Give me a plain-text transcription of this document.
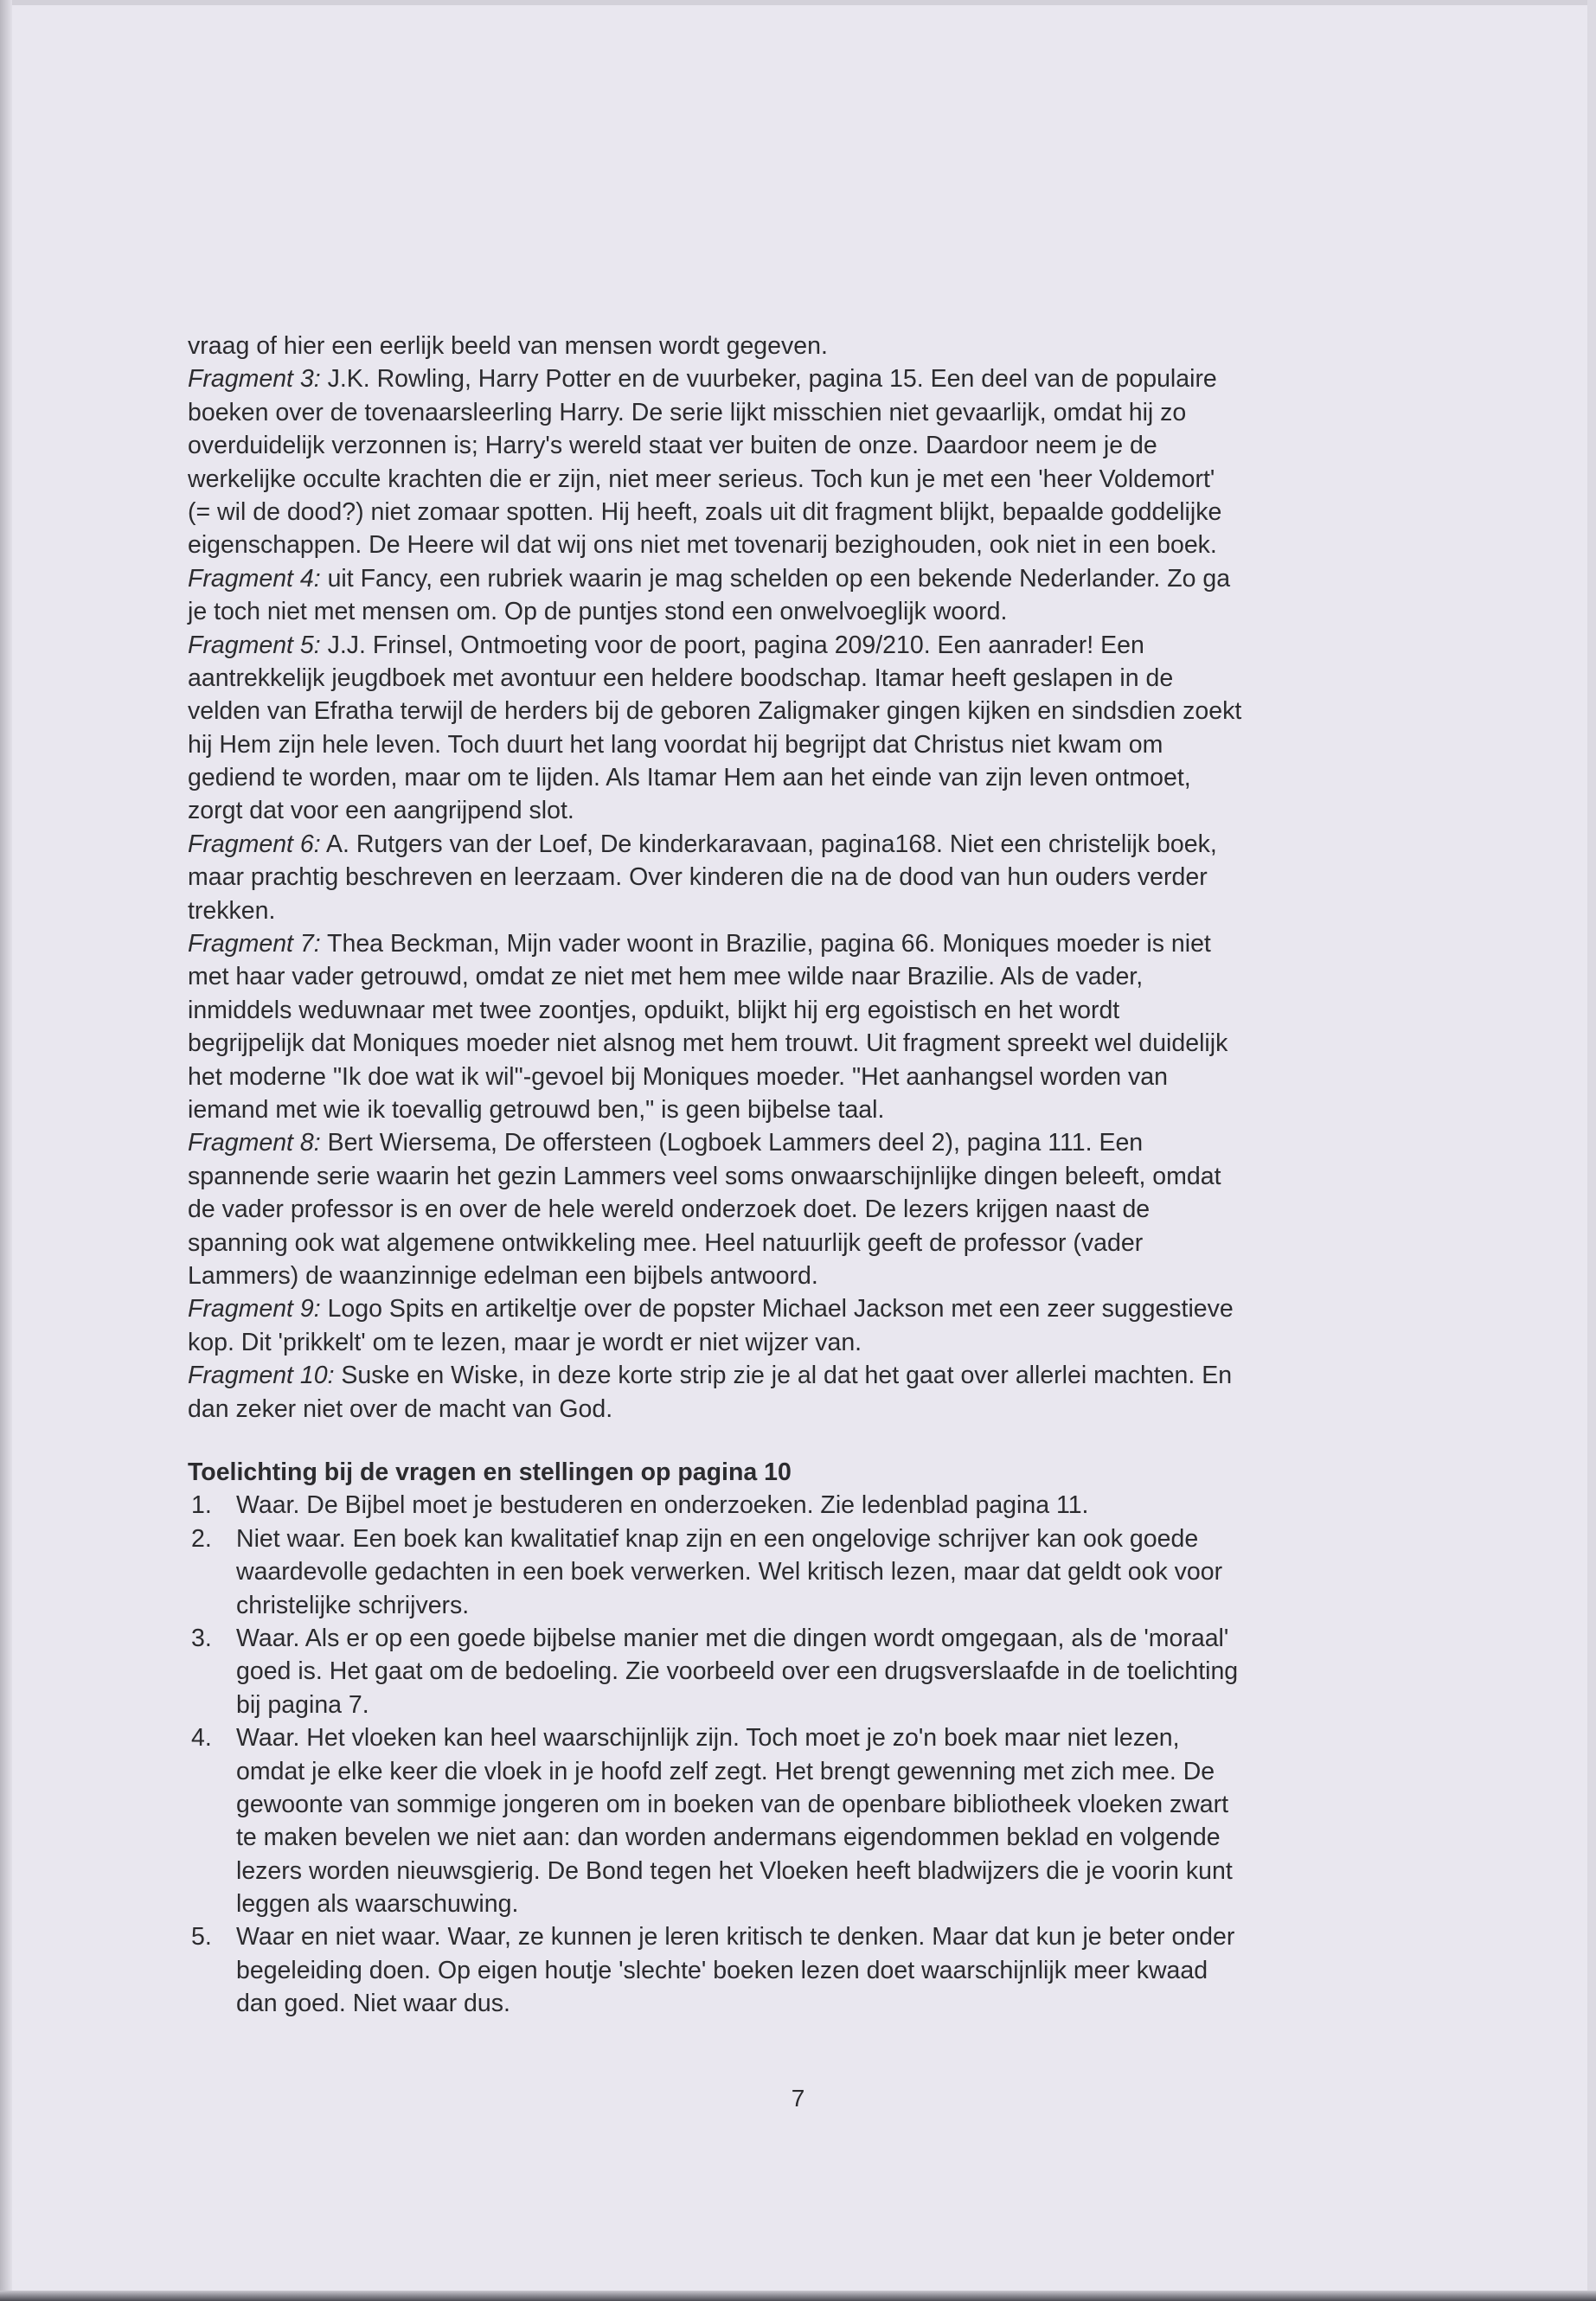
vraag of hier een eerlijk beeld van mensen wordt gegeven.
Fragment 3: J.K. Rowling, Harry Potter en de vuurbeker, pagina 15. Een deel van de populaire
boeken over de tovenaarsleerling Harry. De serie lijkt misschien niet gevaarlijk, omdat hij zo
overduidelijk verzonnen is; Harry's wereld staat ver buiten de onze. Daardoor neem je de
werkelijke occulte krachten die er zijn, niet meer serieus. Toch kun je met een 'heer Voldemort'
(= wil de dood?) niet zomaar spotten. Hij heeft, zoals uit dit fragment blijkt, bepaalde goddelijke
eigenschappen. De Heere wil dat wij ons niet met tovenarij bezighouden, ook niet in een boek.
Fragment 4: uit Fancy, een rubriek waarin je mag schelden op een bekende Nederlander. Zo ga
je toch niet met mensen om. Op de puntjes stond een onwelvoeglijk woord.
Fragment 5: J.J. Frinsel, Ontmoeting voor de poort, pagina 209/210. Een aanrader! Een
aantrekkelijk jeugdboek met avontuur een heldere boodschap. Itamar heeft geslapen in de
velden van Efratha terwijl de herders bij de geboren Zaligmaker gingen kijken en sindsdien zoekt
hij Hem zijn hele leven. Toch duurt het lang voordat hij begrijpt dat Christus niet kwam om
gediend te worden, maar om te lijden. Als Itamar Hem aan het einde van zijn leven ontmoet,
zorgt dat voor een aangrijpend slot.
Fragment 6: A. Rutgers van der Loef, De kinderkaravaan, pagina168. Niet een christelijk boek,
maar prachtig beschreven en leerzaam. Over kinderen die na de dood van hun ouders verder
trekken.
Fragment 7: Thea Beckman, Mijn vader woont in Brazilie, pagina 66. Moniques moeder is niet
met haar vader getrouwd, omdat ze niet met hem mee wilde naar Brazilie. Als de vader,
inmiddels weduwnaar met twee zoontjes, opduikt, blijkt hij erg egoistisch en het wordt
begrijpelijk dat Moniques moeder niet alsnog met hem trouwt. Uit fragment spreekt wel duidelijk
het moderne "Ik doe wat ik wil"-gevoel bij Moniques moeder. "Het aanhangsel worden van
iemand met wie ik toevallig getrouwd ben," is geen bijbelse taal.
Fragment 8: Bert Wiersema, De offersteen (Logboek Lammers deel 2), pagina 111. Een
spannende serie waarin het gezin Lammers veel soms onwaarschijnlijke dingen beleeft, omdat
de vader professor is en over de hele wereld onderzoek doet. De lezers krijgen naast de
spanning ook wat algemene ontwikkeling mee. Heel natuurlijk geeft de professor (vader
Lammers) de waanzinnige edelman een bijbels antwoord.
Fragment 9: Logo Spits en artikeltje over de popster Michael Jackson met een zeer suggestieve
kop. Dit 'prikkelt' om te lezen, maar je wordt er niet wijzer van.
Fragment 10: Suske en Wiske, in deze korte strip zie je al dat het gaat over allerlei machten. En
dan zeker niet over de macht van God.
Toelichting bij de vragen en stellingen op pagina 10
1. Waar. De Bijbel moet je bestuderen en onderzoeken. Zie ledenblad pagina 11.
2. Niet waar. Een boek kan kwalitatief knap zijn en een ongelovige schrijver kan ook goede
waardevolle gedachten in een boek verwerken. Wel kritisch lezen, maar dat geldt ook voor
christelijke schrijvers.
3. Waar. Als er op een goede bijbelse manier met die dingen wordt omgegaan, als de 'moraal'
goed is. Het gaat om de bedoeling. Zie voorbeeld over een drugsverslaafde in de toelichting
bij pagina 7.
4. Waar. Het vloeken kan heel waarschijnlijk zijn. Toch moet je zo'n boek maar niet lezen,
omdat je elke keer die vloek in je hoofd zelf zegt. Het brengt gewenning met zich mee. De
gewoonte van sommige jongeren om in boeken van de openbare bibliotheek vloeken zwart
te maken bevelen we niet aan: dan worden andermans eigendommen beklad en volgende
lezers worden nieuwsgierig. De Bond tegen het Vloeken heeft bladwijzers die je voorin kunt
leggen als waarschuwing.
5. Waar en niet waar. Waar, ze kunnen je leren kritisch te denken. Maar dat kun je beter onder
begeleiding doen. Op eigen houtje 'slechte' boeken lezen doet waarschijnlijk meer kwaad
dan goed. Niet waar dus.
7
